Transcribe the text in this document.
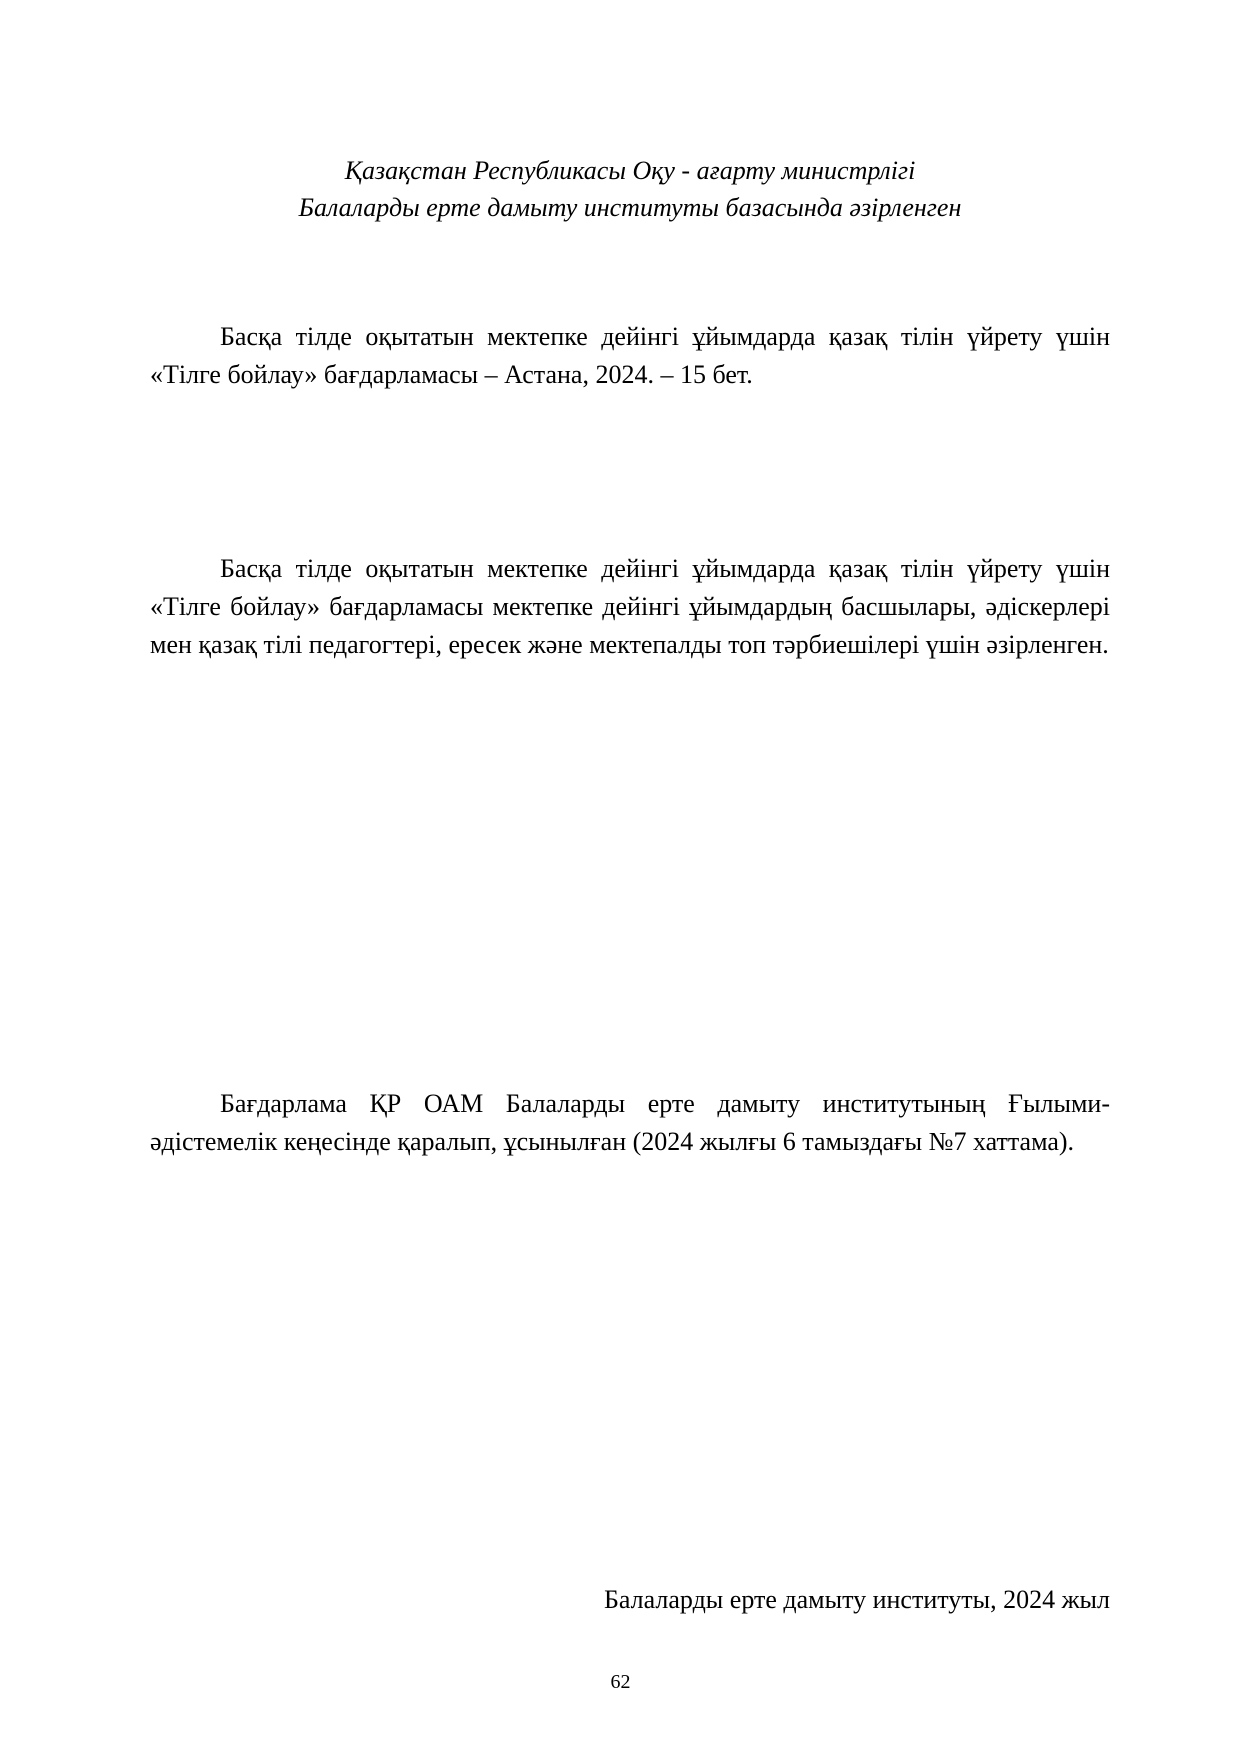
Қазақстан Республикасы Оқу - ағарту министрлігі
Балаларды ерте дамыту институты базасында әзірленген

Басқа тілде оқытатын мектепке дейінгі ұйымдарда қазақ тілін үйрету үшін «Тілге бойлау» бағдарламасы – Астана, 2024. – 15 бет.

Басқа тілде оқытатын мектепке дейінгі ұйымдарда қазақ тілін үйрету үшін «Тілге бойлау» бағдарламасы мектепке дейінгі ұйымдардың басшылары, әдіскерлері мен қазақ тілі педагогтері, ересек және мектепалды топ тәрбиешілері үшін әзірленген.

Бағдарлама ҚР ОАМ Балаларды ерте дамыту институтының Ғылыми-әдістемелік кеңесінде қаралып, ұсынылған (2024 жылғы 6 тамыздағы №7 хаттама).

Балаларды ерте дамыту институты, 2024 жыл
62
